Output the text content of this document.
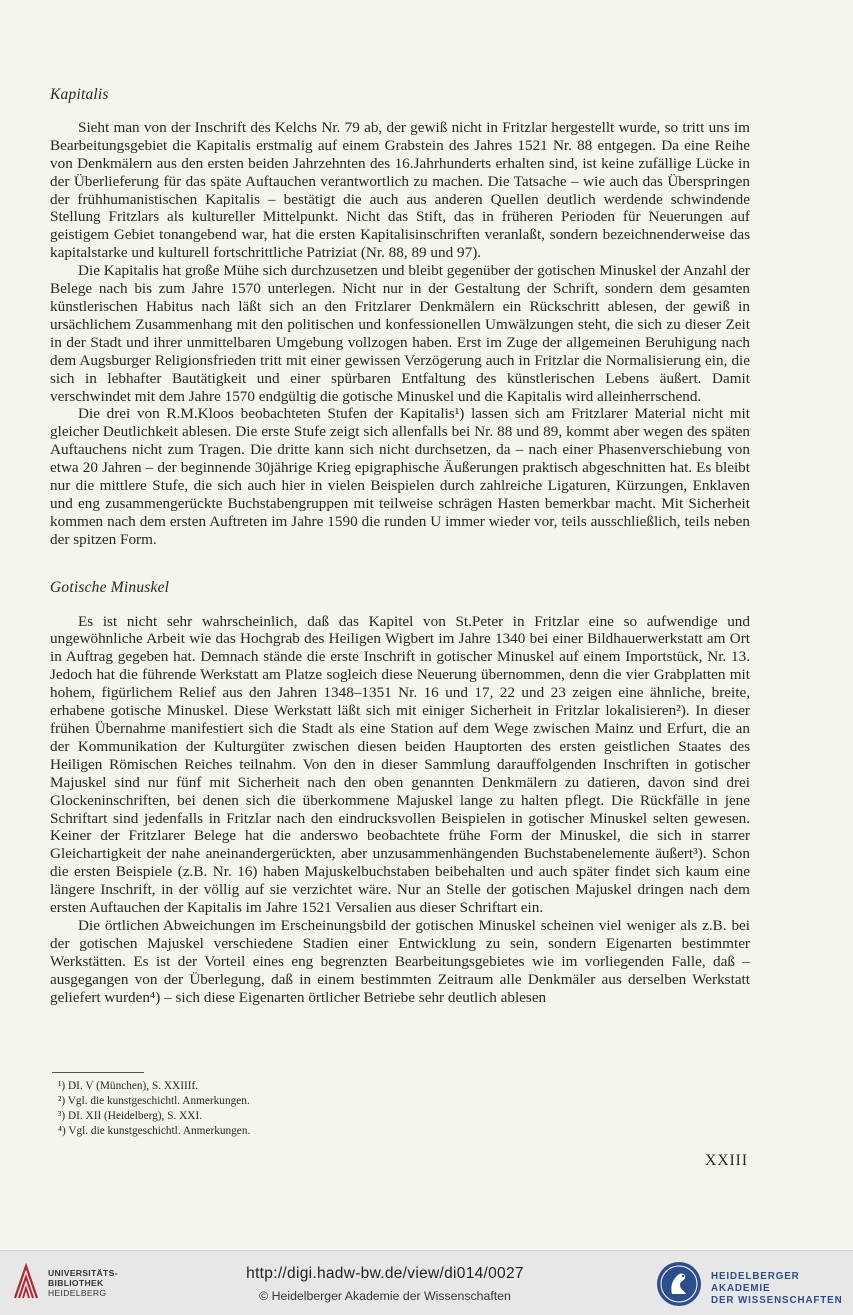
Kapitalis

Sieht man von der Inschrift des Kelchs Nr. 79 ab, der gewiß nicht in Fritzlar hergestellt wurde, so tritt uns im Bearbeitungsgebiet die Kapitalis erstmalig auf einem Grabstein des Jahres 1521 Nr. 88 entgegen. Da eine Reihe von Denkmälern aus den ersten beiden Jahrzehnten des 16.Jahrhunderts erhalten sind, ist keine zufällige Lücke in der Überlieferung für das späte Auftauchen verantwortlich zu machen. Die Tatsache – wie auch das Überspringen der frühhumanistischen Kapitalis – bestätigt die auch aus anderen Quellen deutlich werdende schwindende Stellung Fritzlars als kultureller Mittelpunkt. Nicht das Stift, das in früheren Perioden für Neuerungen auf geistigem Gebiet tonangebend war, hat die ersten Kapitalisinschriften veranlaßt, sondern bezeichnenderweise das kapitalstarke und kulturell fortschrittliche Patriziat (Nr. 88, 89 und 97).

Die Kapitalis hat große Mühe sich durchzusetzen und bleibt gegenüber der gotischen Minuskel der Anzahl der Belege nach bis zum Jahre 1570 unterlegen. Nicht nur in der Gestaltung der Schrift, sondern dem gesamten künstlerischen Habitus nach läßt sich an den Fritzlarer Denkmälern ein Rückschritt ablesen, der gewiß in ursächlichem Zusammenhang mit den politischen und konfessionellen Umwälzungen steht, die sich zu dieser Zeit in der Stadt und ihrer unmittelbaren Umgebung vollzogen haben. Erst im Zuge der allgemeinen Beruhigung nach dem Augsburger Religionsfrieden tritt mit einer gewissen Verzögerung auch in Fritzlar die Normalisierung ein, die sich in lebhafter Bautätigkeit und einer spürbaren Entfaltung des künstlerischen Lebens äußert. Damit verschwindet mit dem Jahre 1570 endgültig die gotische Minuskel und die Kapitalis wird alleinherrschend.

Die drei von R.M.Kloos beobachteten Stufen der Kapitalis¹) lassen sich am Fritzlarer Material nicht mit gleicher Deutlichkeit ablesen. Die erste Stufe zeigt sich allenfalls bei Nr. 88 und 89, kommt aber wegen des späten Auftauchens nicht zum Tragen. Die dritte kann sich nicht durchsetzen, da – nach einer Phasenverschiebung von etwa 20 Jahren – der beginnende 30jährige Krieg epigraphische Äußerungen praktisch abgeschnitten hat. Es bleibt nur die mittlere Stufe, die sich auch hier in vielen Beispielen durch zahlreiche Ligaturen, Kürzungen, Enklaven und eng zusammengerückte Buchstabengruppen mit teilweise schrägen Hasten bemerkbar macht. Mit Sicherheit kommen nach dem ersten Auftreten im Jahre 1590 die runden U immer wieder vor, teils ausschließlich, teils neben der spitzen Form.

Gotische Minuskel

Es ist nicht sehr wahrscheinlich, daß das Kapitel von St.Peter in Fritzlar eine so aufwendige und ungewöhnliche Arbeit wie das Hochgrab des Heiligen Wigbert im Jahre 1340 bei einer Bildhauerwerkstatt am Ort in Auftrag gegeben hat. Demnach stände die erste Inschrift in gotischer Minuskel auf einem Importstück, Nr. 13. Jedoch hat die führende Werkstatt am Platze sogleich diese Neuerung übernommen, denn die vier Grabplatten mit hohem, figürlichem Relief aus den Jahren 1348–1351 Nr. 16 und 17, 22 und 23 zeigen eine ähnliche, breite, erhabene gotische Minuskel. Diese Werkstatt läßt sich mit einiger Sicherheit in Fritzlar lokalisieren²). In dieser frühen Übernahme manifestiert sich die Stadt als eine Station auf dem Wege zwischen Mainz und Erfurt, die an der Kommunikation der Kulturgüter zwischen diesen beiden Hauptorten des ersten geistlichen Staates des Heiligen Römischen Reiches teilnahm. Von den in dieser Sammlung darauffolgenden Inschriften in gotischer Majuskel sind nur fünf mit Sicherheit nach den oben genannten Denkmälern zu datieren, davon sind drei Glockeninschriften, bei denen sich die überkommene Majuskel lange zu halten pflegt. Die Rückfälle in jene Schriftart sind jedenfalls in Fritzlar nach den eindrucksvollen Beispielen in gotischer Minuskel selten gewesen. Keiner der Fritzlarer Belege hat die anderswo beobachtete frühe Form der Minuskel, die sich in starrer Gleichartigkeit der nahe aneinandergerückten, aber unzusammenhängenden Buchstabenelemente äußert³). Schon die ersten Beispiele (z.B. Nr. 16) haben Majuskelbuchstaben beibehalten und auch später findet sich kaum eine längere Inschrift, in der völlig auf sie verzichtet wäre. Nur an Stelle der gotischen Majuskel dringen nach dem ersten Auftauchen der Kapitalis im Jahre 1521 Versalien aus dieser Schriftart ein.

Die örtlichen Abweichungen im Erscheinungsbild der gotischen Minuskel scheinen viel weniger als z.B. bei der gotischen Majuskel verschiedene Stadien einer Entwicklung zu sein, sondern Eigenarten bestimmter Werkstätten. Es ist der Vorteil eines eng begrenzten Bearbeitungsgebietes wie im vorliegenden Falle, daß – ausgegangen von der Überlegung, daß in einem bestimmten Zeitraum alle Denkmäler aus derselben Werkstatt geliefert wurden⁴) – sich diese Eigenarten örtlicher Betriebe sehr deutlich ablesen

¹) DI. V (München), S. XXIIIf.
²) Vgl. die kunstgeschichtl. Anmerkungen.
³) DI. XII (Heidelberg), S. XXI.
⁴) Vgl. die kunstgeschichtl. Anmerkungen.
XXIII
UNIVERSITÄTS-
BIBLIOTHEK
HEIDELBERG
http://digi.hadw-bw.de/view/di014/0027
© Heidelberger Akademie der Wissenschaften
HEIDELBERGER AKADEMIE
DER WISSENSCHAFTEN
